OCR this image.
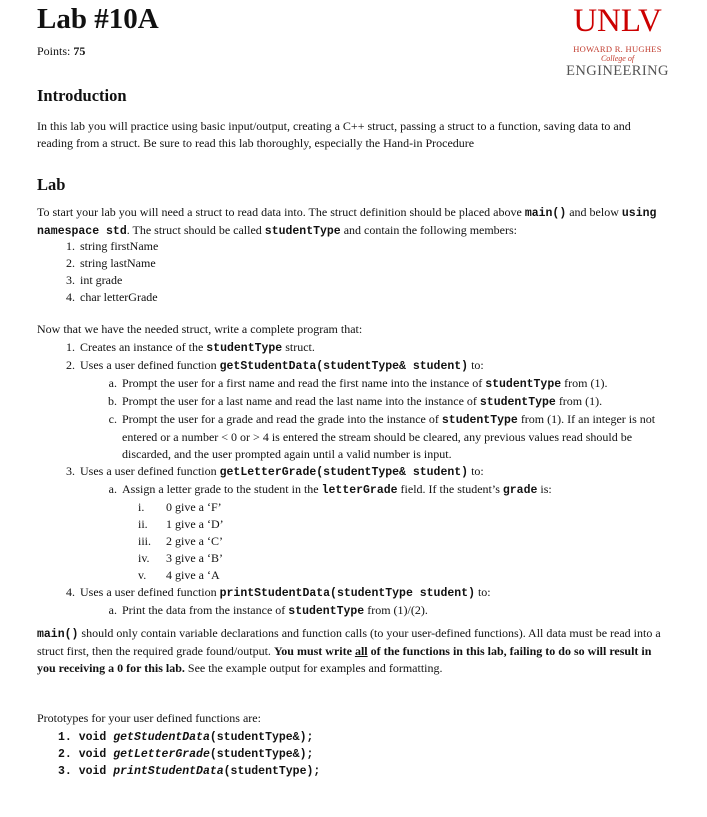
Lab #10A
Points: 75
UNLV
HOWARD R. HUGHES
College of
ENGINEERING
Introduction
In this lab you will practice using basic input/output, creating a C++ struct, passing a struct to a function, saving data to and reading from a struct. Be sure to read this lab thoroughly, especially the Hand-in Procedure
Lab
To start your lab you will need a struct to read data into. The struct definition should be placed above main() and below using namespace std. The struct should be called studentType and contain the following members:
1. string firstName
2. string lastName
3. int grade
4. char letterGrade
Now that we have the needed struct, write a complete program that:
1. Creates an instance of the studentType struct.
2. Uses a user defined function getStudentData(studentType& student) to:
a. Prompt the user for a first name and read the first name into the instance of studentType from (1).
b. Prompt the user for a last name and read the last name into the instance of studentType from (1).
c. Prompt the user for a grade and read the grade into the instance of studentType from (1). If an integer is not entered or a number < 0 or > 4 is entered the stream should be cleared, any previous values read should be discarded, and the user prompted again until a valid number is input.
3. Uses a user defined function getLetterGrade(studentType& student) to:
a. Assign a letter grade to the student in the letterGrade field. If the student’s grade is:
i.	0 give a ‘F’
ii.	1 give a ‘D’
iii.	2 give a ‘C’
iv.	3 give a ‘B’
v.	4 give a ‘A
4. Uses a user defined function printStudentData(studentType student) to:
a. Print the data from the instance of studentType from (1)/(2).
main() should only contain variable declarations and function calls (to your user-defined functions). All data must be read into a struct first, then the required grade found/output. You must write all of the functions in this lab, failing to do so will result in you receiving a 0 for this lab. See the example output for examples and formatting.
Prototypes for your user defined functions are:
1. void getStudentData(studentType&);
2. void getLetterGrade(studentType&);
3. void printStudentData(studentType);
